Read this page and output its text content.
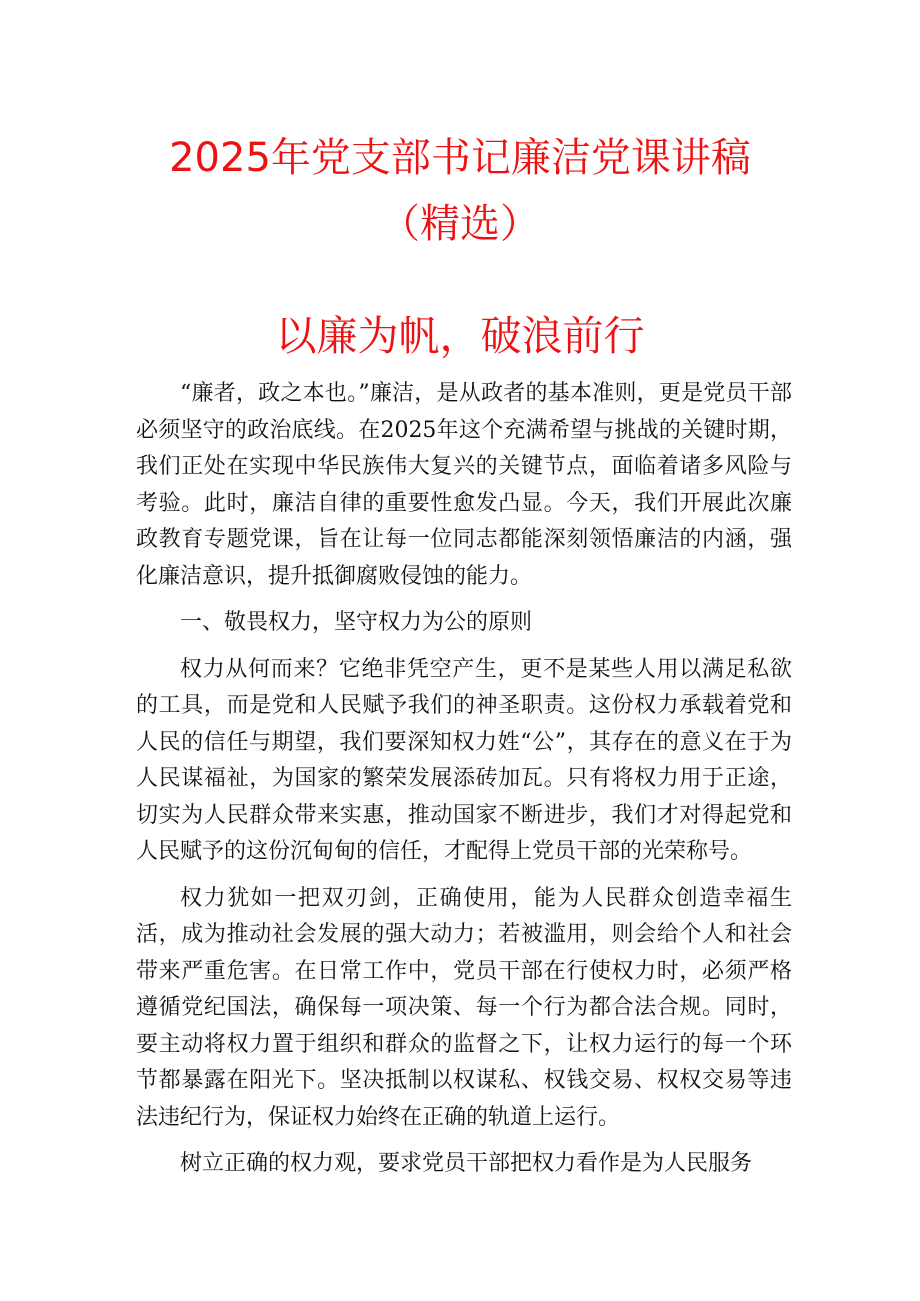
2025年党支部书记廉洁党课讲稿
（精选）
以廉为帆，破浪前行

“廉者，政之本也。”廉洁，是从政者的基本准则，更是党员干部必须坚守的政治底线。在2025年这个充满希望与挑战的关键时期，我们正处在实现中华民族伟大复兴的关键节点，面临着诸多风险与考验。此时，廉洁自律的重要性愈发凸显。今天，我们开展此次廉政教育专题党课，旨在让每一位同志都能深刻领悟廉洁的内涵，强化廉洁意识，提升抵御腐败侵蚀的能力。

一、敬畏权力，坚守权力为公的原则

权力从何而来？它绝非凭空产生，更不是某些人用以满足私欲的工具，而是党和人民赋予我们的神圣职责。这份权力承载着党和人民的信任与期望，我们要深知权力姓“公”，其存在的意义在于为人民谋福祉，为国家的繁荣发展添砖加瓦。只有将权力用于正途，切实为人民群众带来实惠，推动国家不断进步，我们才对得起党和人民赋予的这份沉甸甸的信任，才配得上党员干部的光荣称号。

权力犹如一把双刃剑，正确使用，能为人民群众创造幸福生活，成为推动社会发展的强大动力；若被滥用，则会给个人和社会带来严重危害。在日常工作中，党员干部在行使权力时，必须严格遵循党纪国法，确保每一项决策、每一个行为都合法合规。同时，要主动将权力置于组织和群众的监督之下，让权力运行的每一个环节都暴露在阳光下。坚决抵制以权谋私、权钱交易、权权交易等违法违纪行为，保证权力始终在正确的轨道上运行。

树立正确的权力观，要求党员干部把权力看作是为人民服务
